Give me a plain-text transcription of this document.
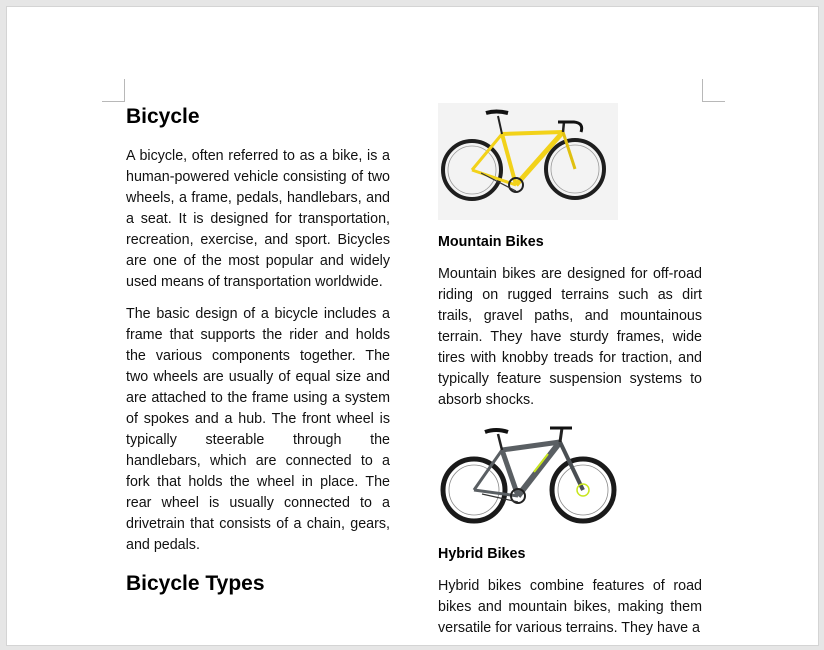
Bicycle

A bicycle, often referred to as a bike, is a human-powered vehicle consisting of two wheels, a frame, pedals, handlebars, and a seat. It is designed for transportation, recreation, exercise, and sport. Bicycles are one of the most popular and widely used means of transportation worldwide.

The basic design of a bicycle includes a frame that supports the rider and holds the various components together. The two wheels are usually of equal size and are attached to the frame using a system of spokes and a hub. The front wheel is typically steerable through the handlebars, which are connected to a fork that holds the wheel in place. The rear wheel is usually connected to a drivetrain that consists of a chain, gears, and pedals.

Bicycle Types
Mountain Bikes

Mountain bikes are designed for off-road riding on rugged terrains such as dirt trails, gravel paths, and mountainous terrain. They have sturdy frames, wide tires with knobby treads for traction, and typically feature suspension systems to absorb shocks.

Hybrid Bikes

Hybrid bikes combine features of road bikes and mountain bikes, making them versatile for various terrains. They have a
